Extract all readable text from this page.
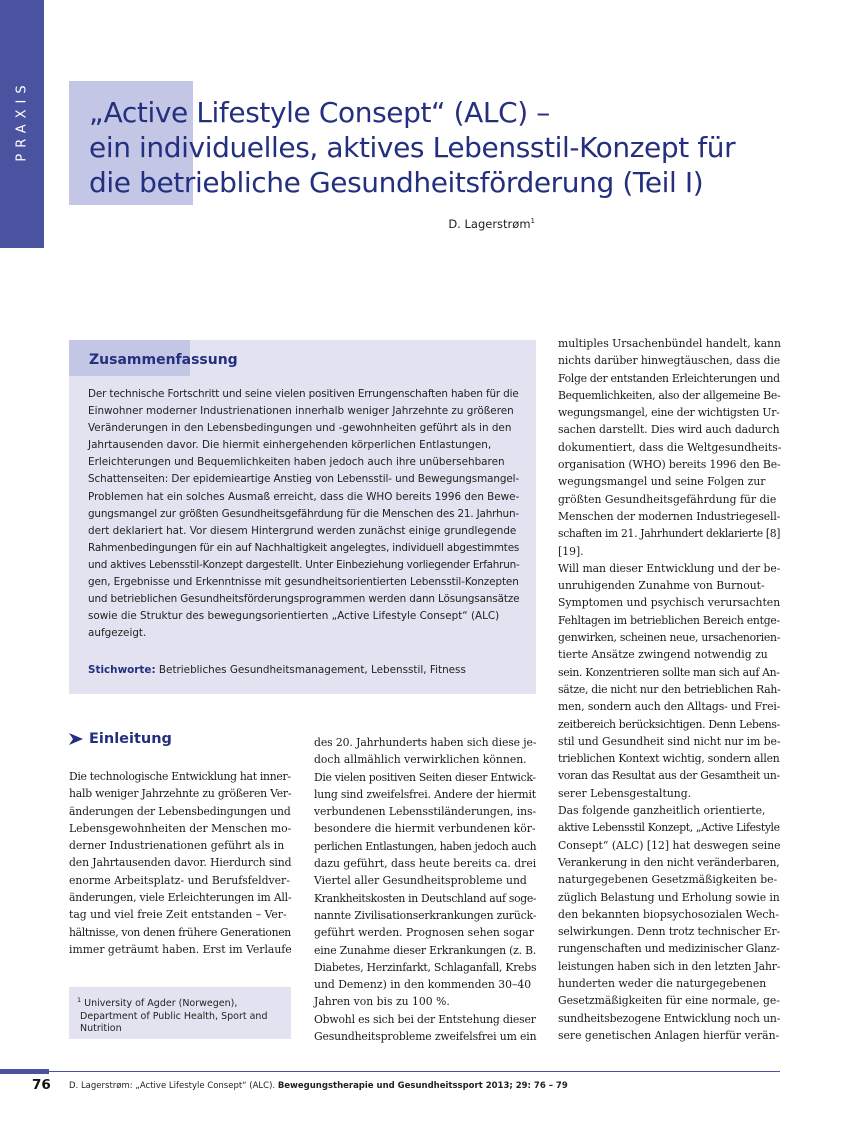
PRAXIS „Active Lifestyle Consept“ (ALC) –
ein individuelles, aktives Lebensstil-Konzept für
die betriebliche Gesundheitsförderung (Teil I)
D. Lagerstrøm$^1$
Zusammenfassung

Der technische Fortschritt und seine vielen positiven Errungenschaften haben für die
Einwohner moderner Industrienationen innerhalb weniger Jahrzehnte zu größeren
Veränderungen in den Lebensbedingungen und -gewohnheiten geführt als in den
Jahrtausenden davor. Die hiermit einhergehenden körperlichen Entlastungen,
Erleichterungen und Bequemlichkeiten haben jedoch auch ihre unübersehbaren
Schattenseiten: Der epidemieartige Anstieg von Lebensstil- und Bewegungsmangel-
Problemen hat ein solches Ausmaß erreicht, dass die WHO bereits 1996 den Bewe-
gungsmangel zur größten Gesundheitsgefährdung für die Menschen des 21. Jahrhun-
dert deklariert hat. Vor diesem Hintergrund werden zunächst einige grundlegende
Rahmenbedingungen für ein auf Nachhaltigkeit angelegtes, individuell abgestimmtes
und aktives Lebensstil-Konzept dargestellt. Unter Einbeziehung vorliegender Erfahrun-
gen, Ergebnisse und Erkenntnisse mit gesundheitsorientierten Lebensstil-Konzepten
und betrieblichen Gesundheitsförderungsprogrammen werden dann Lösungsansätze
sowie die Struktur des bewegungsorientierten „Active Lifestyle Consept“ (ALC)
aufgezeigt.

Stichworte: Betriebliches Gesundheitsmanagement, Lebensstil, Fitness

Einleitung

Die technologische Entwicklung hat inner-
halb weniger Jahrzehnte zu größeren Ver-
änderungen der Lebensbedingungen und
Lebensgewohnheiten der Menschen mo-
derner Industrienationen geführt als in
den Jahrtausenden davor. Hierdurch sind
enorme Arbeitsplatz- und Berufsfeldver-
änderungen, viele Erleichterungen im All-
tag und viel freie Zeit entstanden – Ver-
hältnisse, von denen frühere Generationen
immer geträumt haben. Erst im Verlaufe

des 20. Jahrhunderts haben sich diese je-
doch allmählich verwirklichen können.
Die vielen positiven Seiten dieser Entwick-
lung sind zweifelsfrei. Andere der hiermit
verbundenen Lebensstiländerungen, ins-
besondere die hiermit verbundenen kör-
perlichen Entlastungen, haben jedoch auch
dazu geführt, dass heute bereits ca. drei
Viertel aller Gesundheitsprobleme und
Krankheitskosten in Deutschland auf soge-
nannte Zivilisationserkrankungen zurück-
geführt werden. Prognosen sehen sogar
eine Zunahme dieser Erkrankungen (z. B.
Diabetes, Herzinfarkt, Schlaganfall, Krebs
und Demenz) in den kommenden 30–40
Jahren von bis zu 100 %.
Obwohl es sich bei der Entstehung dieser
Gesundheitsprobleme zweifelsfrei um ein

multiples Ursachenbündel handelt, kann
nichts darüber hinwegtäuschen, dass die
Folge der entstanden Erleichterungen und
Bequemlichkeiten, also der allgemeine Be-
wegungsmangel, eine der wichtigsten Ur-
sachen darstellt. Dies wird auch dadurch
dokumentiert, dass die Weltgesundheits-
organisation (WHO) bereits 1996 den Be-
wegungsmangel und seine Folgen zur
größten Gesundheitsgefährdung für die
Menschen der modernen Industriegesell-
schaften im 21. Jahrhundert deklarierte [8]
[19].
Will man dieser Entwicklung und der be-
unruhigenden Zunahme von Burnout-
Symptomen und psychisch verursachten
Fehltagen im betrieblichen Bereich entge-
genwirken, scheinen neue, ursachenorien-
tierte Ansätze zwingend notwendig zu
sein. Konzentrieren sollte man sich auf An-
sätze, die nicht nur den betrieblichen Rah-
men, sondern auch den Alltags- und Frei-
zeitbereich berücksichtigen. Denn Lebens-
stil und Gesundheit sind nicht nur im be-
trieblichen Kontext wichtig, sondern allen
voran das Resultat aus der Gesamtheit un-
serer Lebensgestaltung.
Das folgende ganzheitlich orientierte,
aktive Lebensstil Konzept, „Active Lifestyle
Consept“ (ALC) [12] hat deswegen seine
Verankerung in den nicht veränderbaren,
naturgegebenen Gesetzmäßigkeiten be-
züglich Belastung und Erholung sowie in
den bekannten biopsychosozialen Wech-
selwirkungen. Denn trotz technischer Er-
rungenschaften und medizinischer Glanz-
leistungen haben sich in den letzten Jahr-
hunderten weder die naturgegebenen
Gesetzmäßigkeiten für eine normale, ge-
sundheitsbezogene Entwicklung noch un-
sere genetischen Anlagen hierfür verän-

$^1$ University of Agder (Norwegen),
Department of Public Health, Sport and
Nutrition

76 D. Lagerstrøm: „Active Lifestyle Consept“ (ALC). Bewegungstherapie und Gesundheitssport 2013; 29: 76 – 79
